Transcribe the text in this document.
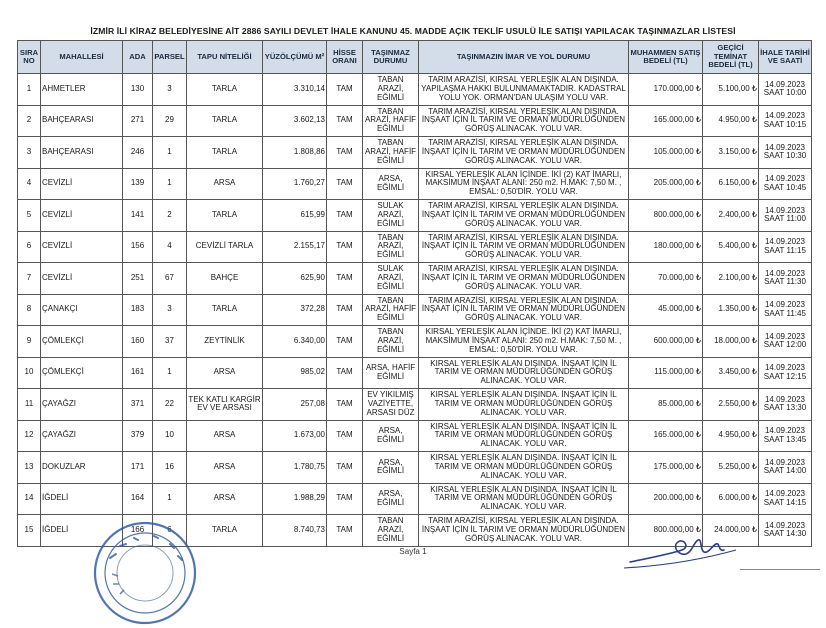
İZMİR İLİ KİRAZ BELEDİYESİNE AİT 2886 SAYILI DEVLET İHALE KANUNU 45. MADDE AÇIK TEKLİF USULÜ İLE SATIŞI YAPILACAK TAŞINMAZLAR LİSTESİ
SIRA NO	MAHALLESİ	ADA	PARSEL	TAPU NİTELİĞİ	YÜZÖLÇÜMÜ M²	HİSSE ORANI	TAŞINMAZ DURUMU	TAŞINMAZIN İMAR VE YOL DURUMU	MUHAMMEN SATIŞ BEDELİ (TL)	GEÇİCİ TEMİNAT BEDELİ (TL)	İHALE TARİHİ VE SAATİ
1	AHMETLER	130	3	TARLA	3.310,14	TAM	TABAN ARAZİ, EĞİMLİ	TARIM ARAZİSİ, KIRSAL YERLEŞİK ALAN DIŞINDA. YAPILAŞMA HAKKI BULUNMAMAKTADIR. KADASTRAL YOLU YOK. ORMAN'DAN ULAŞIM YOLU VAR.	170.000,00 ₺	5.100,00 ₺	14.09.2023
SAAT 10:00

2	BAHÇEARASI	271	29	TARLA	3.602,13	TAM	TABAN ARAZİ, HAFİF EĞİMLİ	TARIM ARAZİSİ, KIRSAL YERLEŞİK ALAN DIŞINDA. İNŞAAT İÇİN İL TARIM VE ORMAN MÜDÜRLÜĞÜNDEN GÖRÜŞ ALINACAK. YOLU VAR.	165.000,00 ₺	4.950,00 ₺	14.09.2023
SAAT 10:15

3	BAHÇEARASI	246	1	TARLA	1.808,86	TAM	TABAN ARAZİ, HAFİF EĞİMLİ	TARIM ARAZİSİ, KIRSAL YERLEŞİK ALAN DIŞINDA. İNŞAAT İÇİN İL TARIM VE ORMAN MÜDÜRLÜĞÜNDEN GÖRÜŞ ALINACAK. YOLU VAR.	105.000,00 ₺	3.150,00 ₺	14.09.2023
SAAT 10:30

4	CEVİZLİ	139	1	ARSA	1.760,27	TAM	ARSA, EĞİMLİ	KIRSAL YERLEŞİK ALAN İÇİNDE. İKİ (2) KAT İMARLI, MAKSİMUM İNŞAAT ALANI: 250 m2. H.MAK: 7,50 M. , EMSAL: 0,50'DİR. YOLU VAR.	205.000,00 ₺	6.150,00 ₺	14.09.2023
SAAT 10:45

5	CEVİZLİ	141	2	TARLA	615,99	TAM	SULAK ARAZİ, EĞİMLİ	TARIM ARAZİSİ, KIRSAL YERLEŞİK ALAN DIŞINDA. İNŞAAT İÇİN İL TARIM VE ORMAN MÜDÜRLÜĞÜNDEN GÖRÜŞ ALINACAK. YOLU VAR.	800.000,00 ₺	2.400,00 ₺	14.09.2023
SAAT 11:00

6	CEVİZLİ	156	4	CEVİZLİ TARLA	2.155,17	TAM	TABAN ARAZİ, EĞİMLİ	TARIM ARAZİSİ, KIRSAL YERLEŞİK ALAN DIŞINDA. İNŞAAT İÇİN İL TARIM VE ORMAN MÜDÜRLÜĞÜNDEN GÖRÜŞ ALINACAK. YOLU VAR.	180.000,00 ₺	5.400,00 ₺	14.09.2023
SAAT 11:15

7	CEVİZLİ	251	67	BAHÇE	625,90	TAM	SULAK ARAZİ, EĞİMLİ	TARIM ARAZİSİ, KIRSAL YERLEŞİK ALAN DIŞINDA. İNŞAAT İÇİN İL TARIM VE ORMAN MÜDÜRLÜĞÜNDEN GÖRÜŞ ALINACAK. YOLU VAR.	70.000,00 ₺	2.100,00 ₺	14.09.2023
SAAT 11:30

8	ÇANAKÇI	183	3	TARLA	372,28	TAM	TABAN ARAZİ, HAFİF EĞİMLİ	TARIM ARAZİSİ, KIRSAL YERLEŞİK ALAN DIŞINDA. İNŞAAT İÇİN İL TARIM VE ORMAN MÜDÜRLÜĞÜNDEN GÖRÜŞ ALINACAK. YOLU VAR.	45.000,00 ₺	1.350,00 ₺	14.09.2023
SAAT 11:45

9	ÇÖMLEKÇİ	160	37	ZEYTİNLİK	6.340,00	TAM	TABAN ARAZİ, EĞİMLİ	KIRSAL YERLEŞİK ALAN İÇİNDE. İKİ (2) KAT İMARLI, MAKSİMUM İNŞAAT ALANI: 250 m2. H.MAK: 7,50 M. , EMSAL: 0,50'DİR. YOLU VAR.	600.000,00 ₺	18.000,00 ₺	14.09.2023
SAAT 12:00

10	ÇÖMLEKÇİ	161	1	ARSA	985,02	TAM	ARSA, HAFİF EĞİMLİ	KIRSAL YERLEŞİK ALAN DIŞINDA. İNŞAAT İÇİN İL TARIM VE ORMAN MÜDÜRLÜĞÜNDEN GÖRÜŞ ALINACAK. YOLU VAR.	115.000,00 ₺	3.450,00 ₺	14.09.2023
SAAT 12:15

11	ÇAYAĞZI	371	22	TEK KATLI KARGİR EV VE ARSASI	257,08	TAM	EV YIKILMIŞ VAZİYETTE, ARSASI DÜZ	KIRSAL YERLEŞİK ALAN DIŞINDA. İNŞAAT İÇİN İL TARIM VE ORMAN MÜDÜRLÜĞÜNDEN GÖRÜŞ ALINACAK. YOLU VAR.	85.000,00 ₺	2.550,00 ₺	14.09.2023
SAAT 13:30

12	ÇAYAĞZI	379	10	ARSA	1.673,00	TAM	ARSA, EĞİMLİ	KIRSAL YERLEŞİK ALAN DIŞINDA. İNŞAAT İÇİN İL TARIM VE ORMAN MÜDÜRLÜĞÜNDEN GÖRÜŞ ALINACAK. YOLU VAR.	165.000,00 ₺	4.950,00 ₺	14.09.2023
SAAT 13:45

13	DOKUZLAR	171	16	ARSA	1.780,75	TAM	ARSA, EĞİMLİ	KIRSAL YERLEŞİK ALAN DIŞINDA. İNŞAAT İÇİN İL TARIM VE ORMAN MÜDÜRLÜĞÜNDEN GÖRÜŞ ALINACAK. YOLU VAR.	175.000,00 ₺	5.250,00 ₺	14.09.2023
SAAT 14:00

14	İĞDELİ	164	1	ARSA	1.988,29	TAM	ARSA, EĞİMLİ	KIRSAL YERLEŞİK ALAN DIŞINDA. İNŞAAT İÇİN İL TARIM VE ORMAN MÜDÜRLÜĞÜNDEN GÖRÜŞ ALINACAK. YOLU VAR.	200.000,00 ₺	6.000,00 ₺	14.09.2023
SAAT 14:15

15	İĞDELİ	166	6	TARLA	8.740,73	TAM	TABAN ARAZİ, EĞİMLİ	TARIM ARAZİSİ, KIRSAL YERLEŞİK ALAN DIŞINDA. İNŞAAT İÇİN İL TARIM VE ORMAN MÜDÜRLÜĞÜNDEN GÖRÜŞ ALINACAK. YOLU VAR.	800.000,00 ₺	24.000,00 ₺	14.09.2023
SAAT 14:30
Sayfa 1
